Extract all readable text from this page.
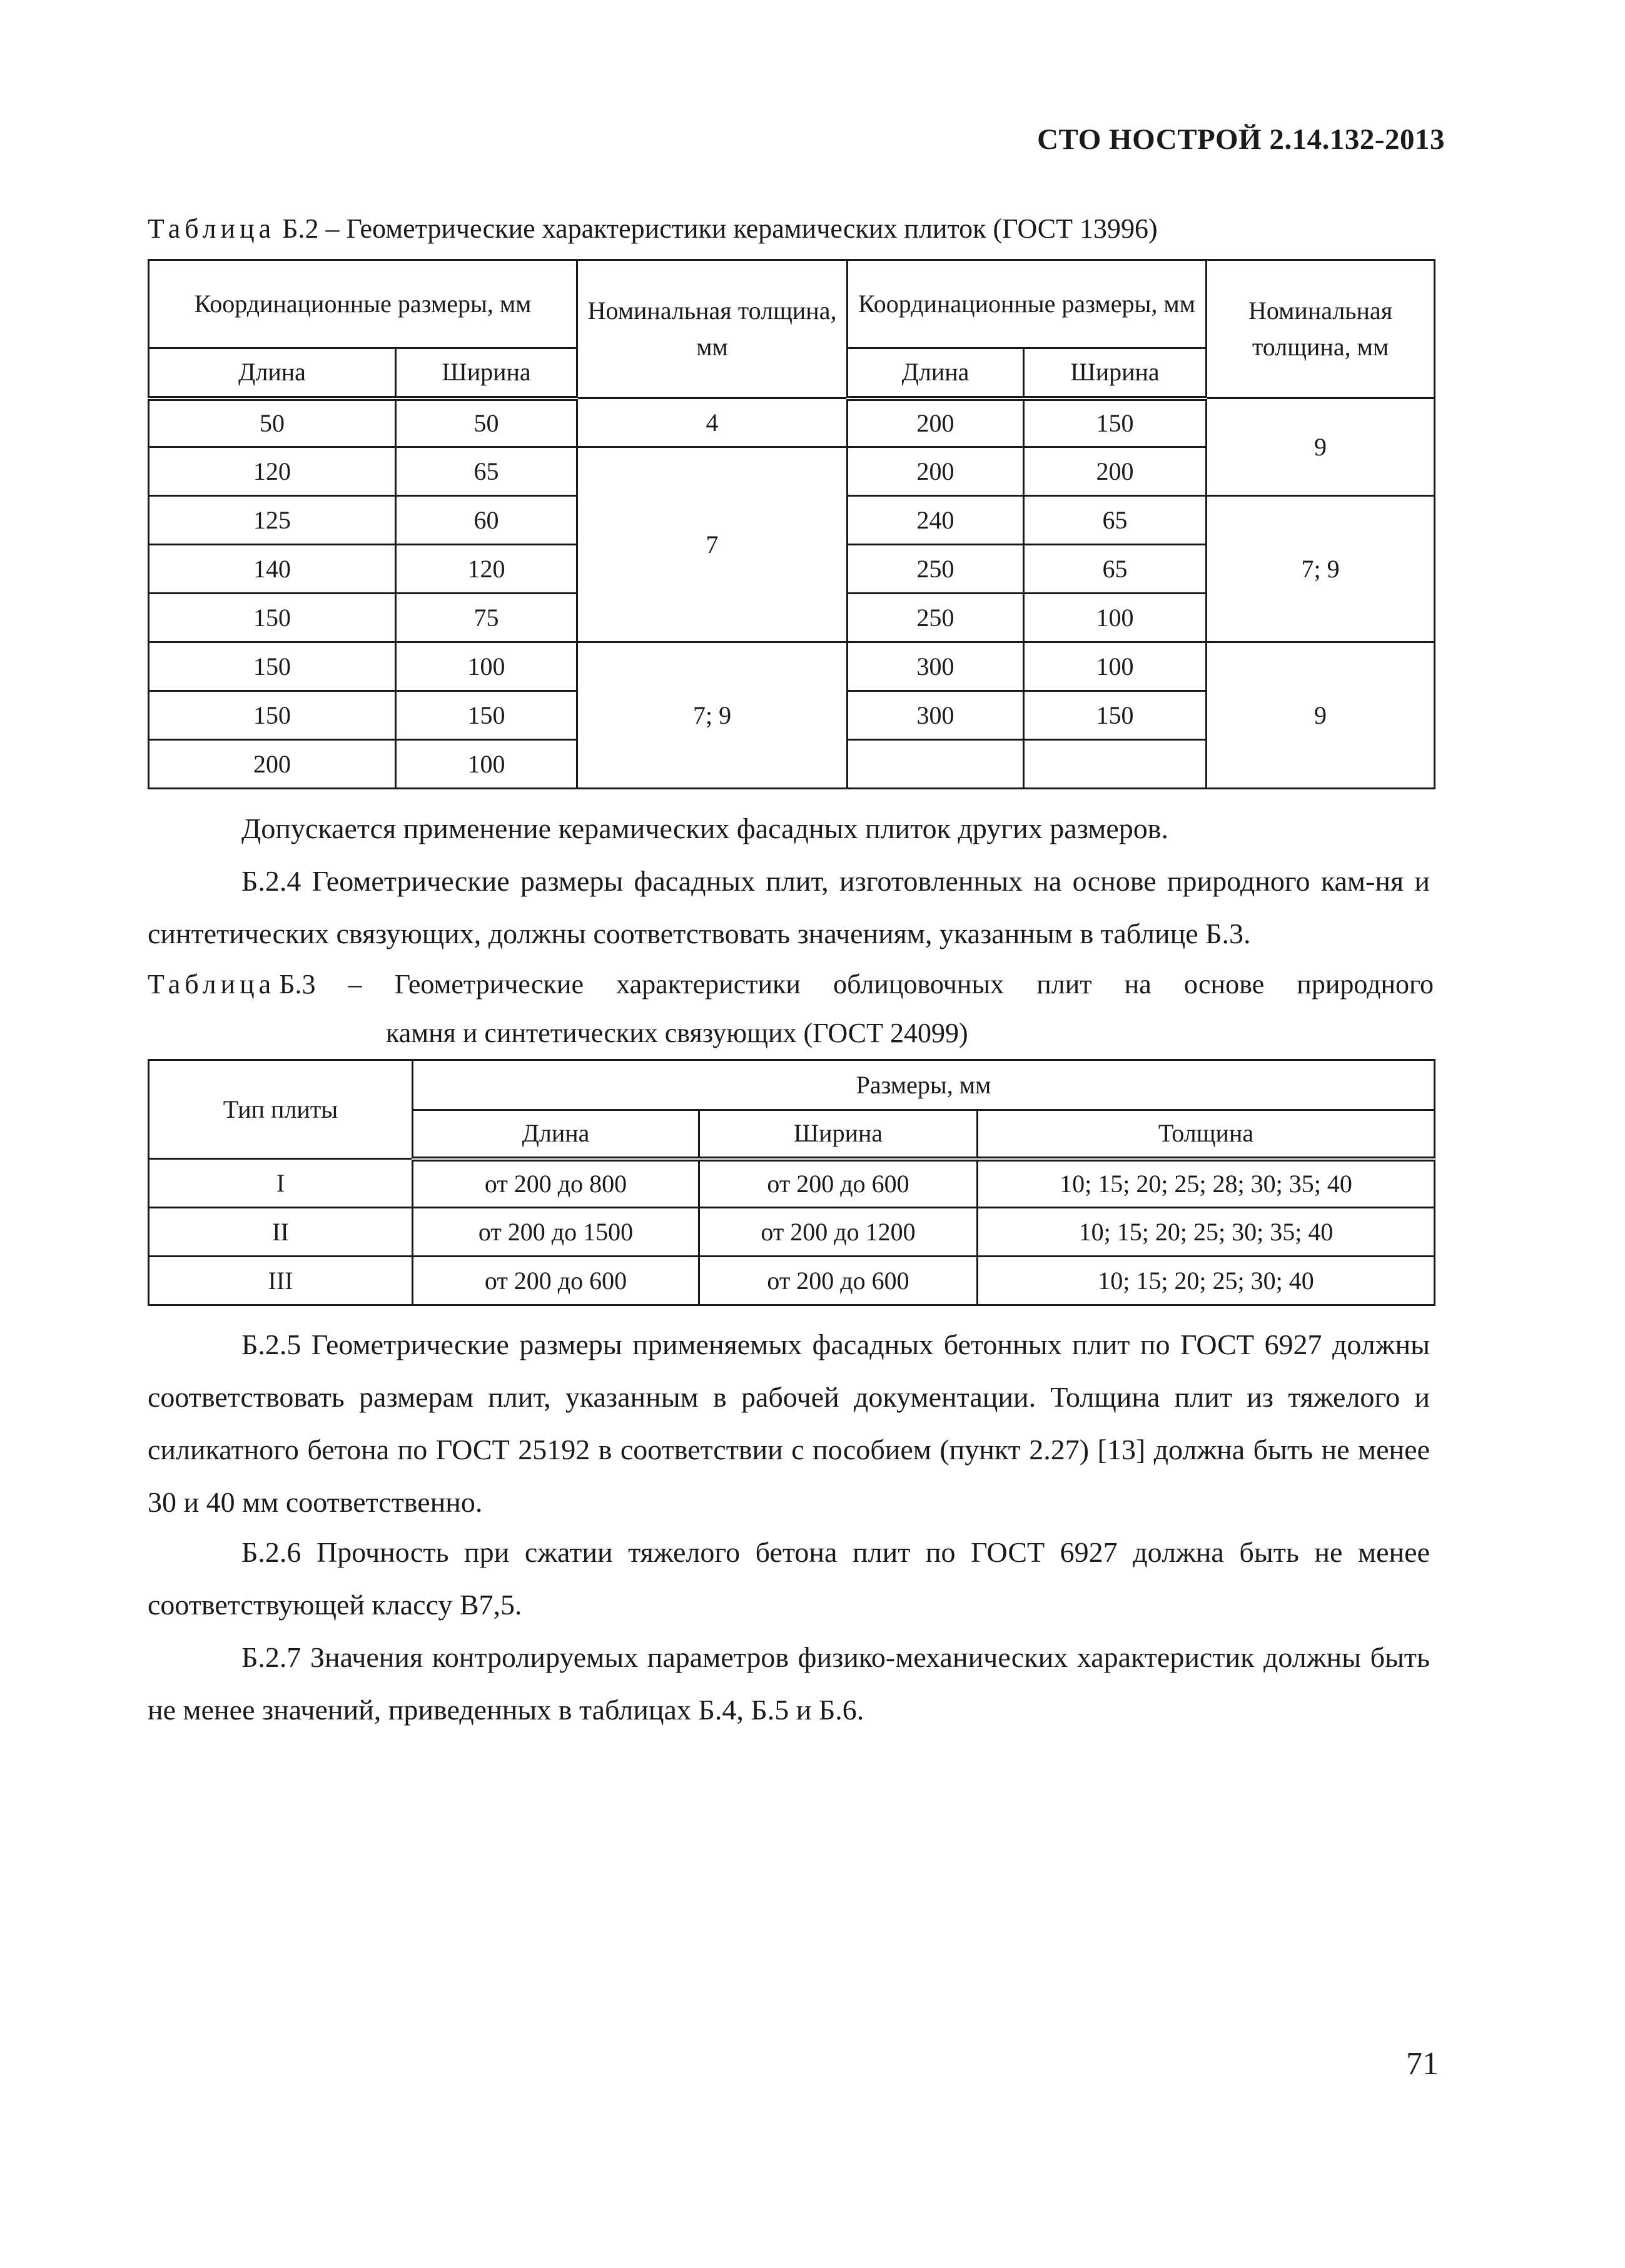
СТО НОСТРОЙ 2.14.132-2013
Таблица Б.2 – Геометрические характеристики керамических плиток (ГОСТ 13996)
Координационные размеры, мм		Номинальная толщина, мм	Координационные размеры, мм		Номинальная толщина, мм
Длина	Ширина		Длина	Ширина	
50	50	4	200	150	9
120	65	7	200	200	
125	60		240	65	7; 9
140	120		250	65	
150	75		250	100	
150	100	7; 9	300	100	9
150	150		300	150	
200	100				
Допускается применение керамических фасадных плиток других размеров.
Б.2.4 Геометрические размеры фасадных плит, изготовленных на основе природного кам-ня и синтетических связующих, должны соответствовать значениям, указанным в таблице Б.3.
Таблица Б.3 – Геометрические характеристики облицовочных плит на основе природного
камня и синтетических связующих (ГОСТ 24099)
Тип плиты	Размеры, мм		
	Длина	Ширина	Толщина
I	от 200 до 800	от 200 до 600	10; 15; 20; 25; 28; 30; 35; 40
II	от 200 до 1500	от 200 до 1200	10; 15; 20; 25; 30; 35; 40
III	от 200 до 600	от 200 до 600	10; 15; 20; 25; 30; 40
Б.2.5 Геометрические размеры применяемых фасадных бетонных плит по ГОСТ 6927 должны соответствовать размерам плит, указанным в рабочей документации. Толщина плит из тяжелого и силикатного бетона по ГОСТ 25192 в соответствии с пособием (пункт 2.27) [13] должна быть не менее 30 и 40 мм соответственно.
Б.2.6 Прочность при сжатии тяжелого бетона плит по ГОСТ 6927 должна быть не менее соответствующей классу В7,5.
Б.2.7 Значения контролируемых параметров физико-механических характеристик должны быть не менее значений, приведенных в таблицах Б.4, Б.5 и Б.6.
71
